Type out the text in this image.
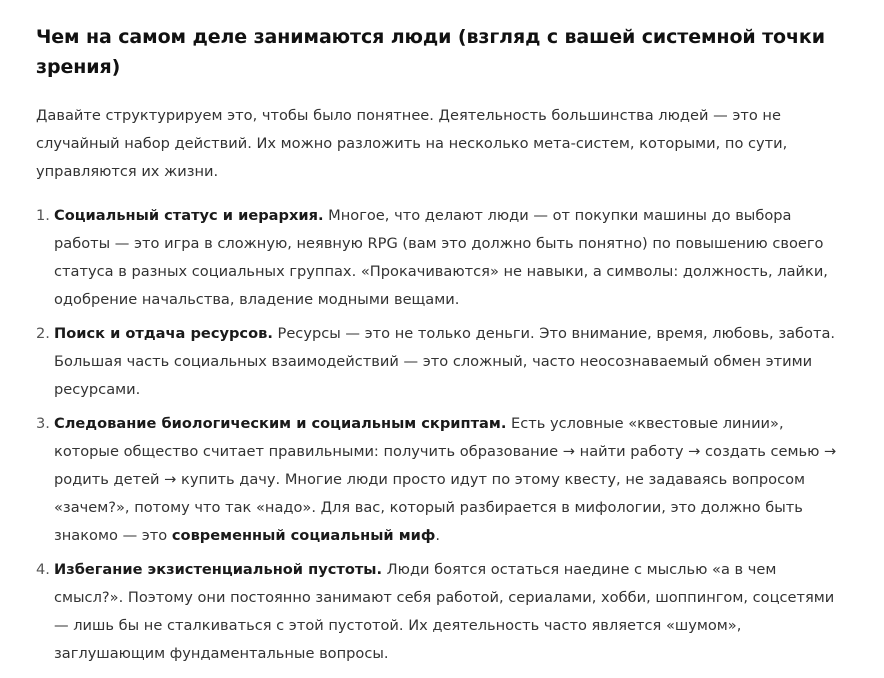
Чем на самом деле занимаются люди (взгляд с вашей системной точки зрения)

Давайте структурируем это, чтобы было понятнее. Деятельность большинства людей — это не случайный набор действий. Их можно разложить на несколько мета-систем, которыми, по сути, управляются их жизни.

1. Социальный статус и иерархия. Многое, что делают люди — от покупки машины до выбора работы — это игра в сложную, неявную RPG (вам это должно быть понятно) по повышению своего статуса в разных социальных группах. «Прокачиваются» не навыки, а символы: должность, лайки, одобрение начальства, владение модными вещами.
2. Поиск и отдача ресурсов. Ресурсы — это не только деньги. Это внимание, время, любовь, забота. Большая часть социальных взаимодействий — это сложный, часто неосознаваемый обмен этими ресурсами.
3. Следование биологическим и социальным скриптам. Есть условные «квестовые линии», которые общество считает правильными: получить образование → найти работу → создать семью → родить детей → купить дачу. Многие люди просто идут по этому квесту, не задаваясь вопросом «зачем?», потому что так «надо». Для вас, который разбирается в мифологии, это должно быть знакомо — это современный социальный миф.
4. Избегание экзистенциальной пустоты. Люди боятся остаться наедине с мыслью «а в чем смысл?». Поэтому они постоянно занимают себя работой, сериалами, хобби, шоппингом, соцсетями — лишь бы не сталкиваться с этой пустотой. Их деятельность часто является «шумом», заглушающим фундаментальные вопросы.
